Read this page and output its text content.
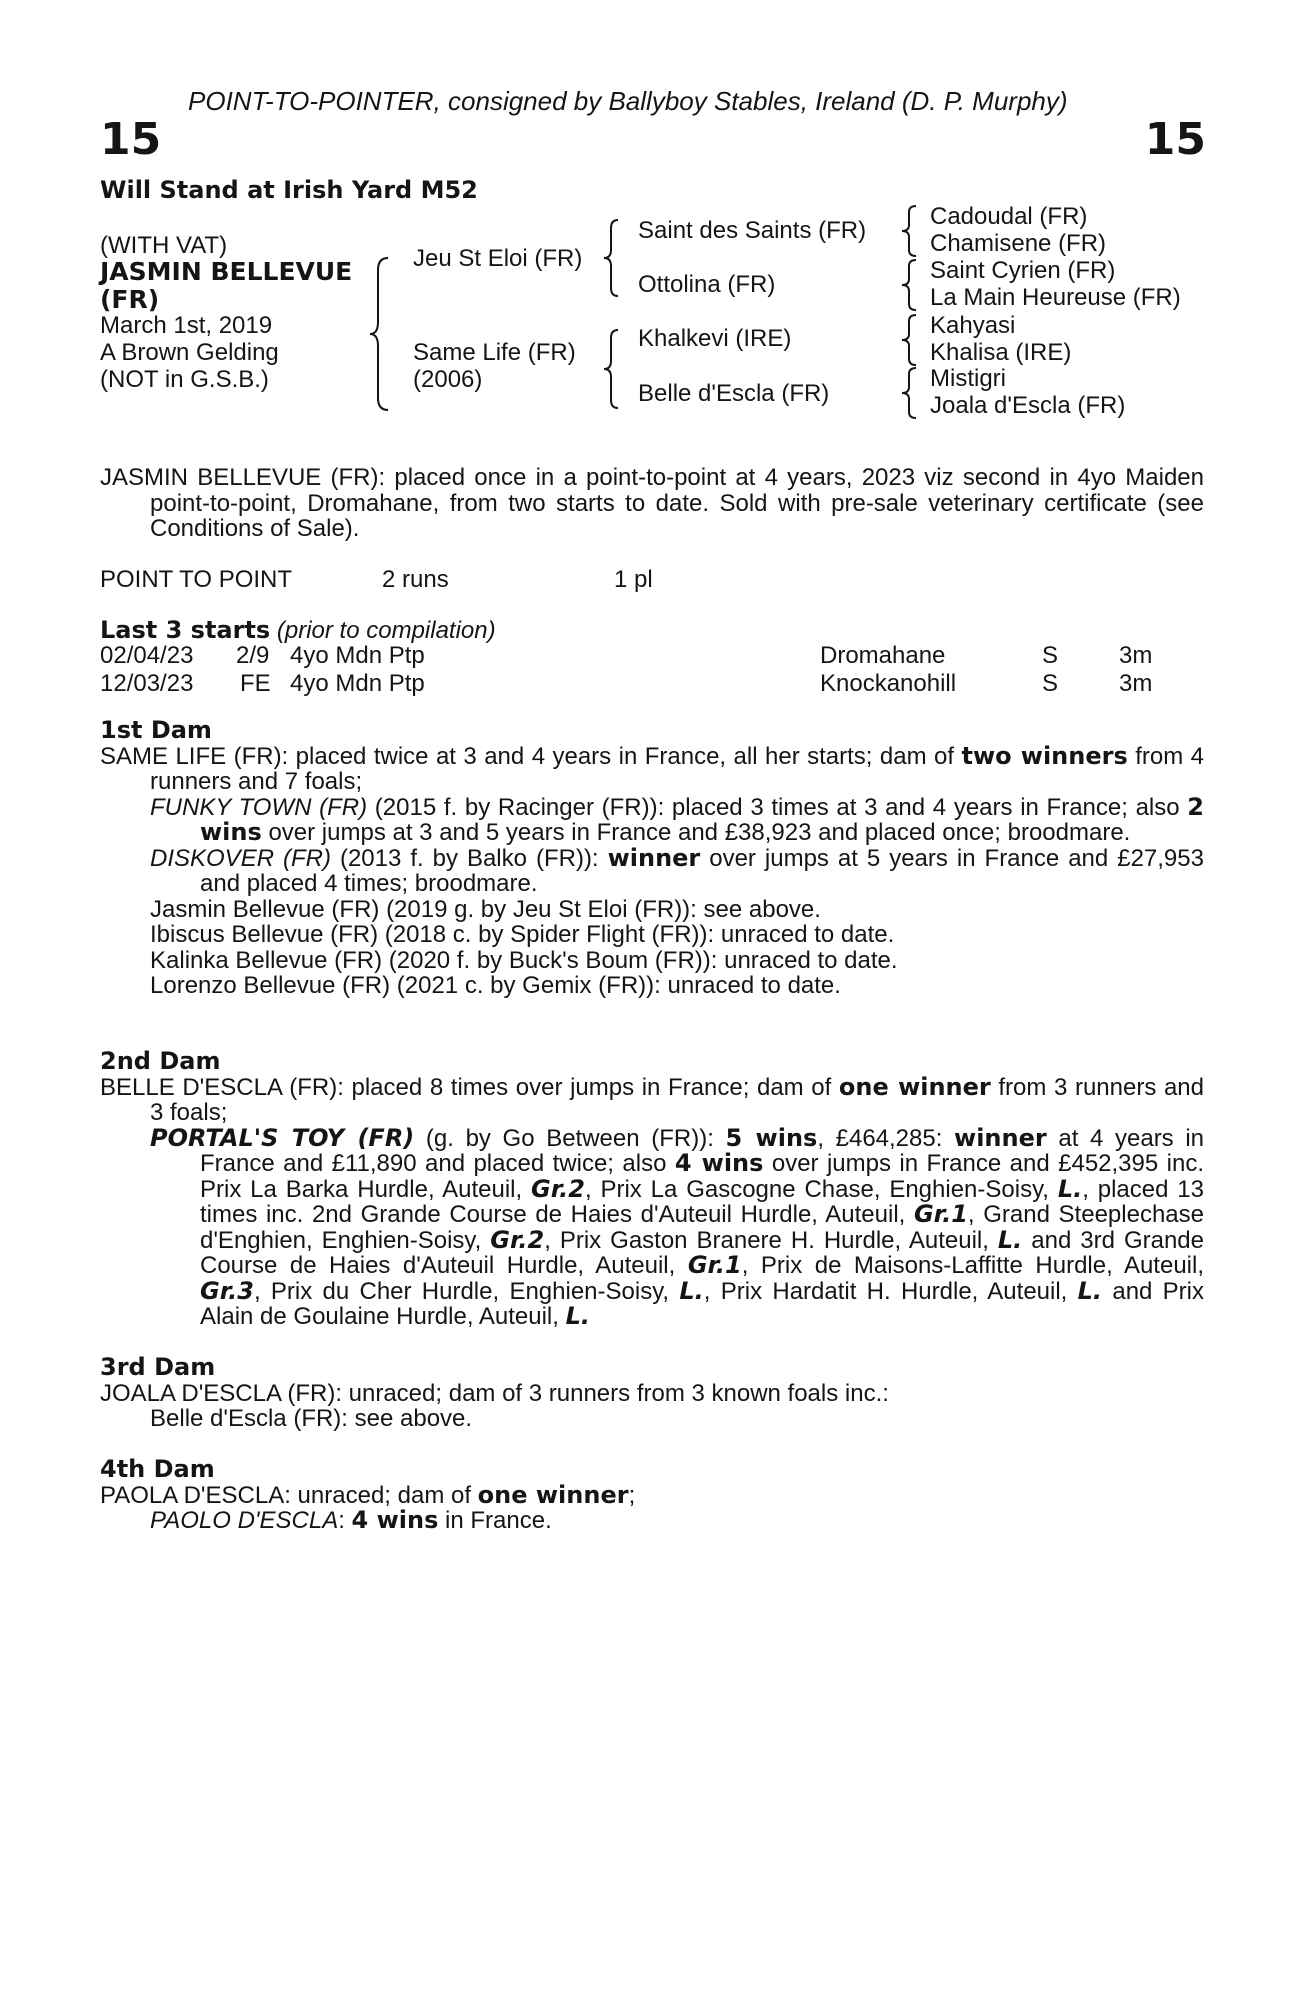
POINT-TO-POINTER, consigned by Ballyboy Stables, Ireland (D. P. Murphy)
15	15
Will Stand at Irish Yard M52
(WITH VAT)
JASMIN BELLEVUE
(FR)
March 1st, 2019
A Brown Gelding
(NOT in G.S.B.)
Jeu St Eloi (FR)
Same Life (FR)
(2006)
Saint des Saints (FR)
Ottolina (FR)
Khalkevi (IRE)
Belle d'Escla (FR)
Cadoudal (FR)
Chamisene (FR)
Saint Cyrien (FR)
La Main Heureuse (FR)
Kahyasi
Khalisa (IRE)
Mistigri
Joala d'Escla (FR)

JASMIN BELLEVUE (FR): placed once in a point-to-point at 4 years, 2023 viz second in 4yo Maiden point-to-point, Dromahane, from two starts to date. Sold with pre-sale veterinary certificate (see Conditions of Sale).

POINT TO POINT	2 runs	1 pl
Last 3 starts (prior to compilation)
02/04/23	2/9	4yo Mdn Ptp	Dromahane	S	3m
12/03/23	FE	4yo Mdn Ptp	Knockanohill	S	3m

1st Dam

SAME LIFE (FR): placed twice at 3 and 4 years in France, all her starts; dam of two winners from 4 runners and 7 foals;

FUNKY TOWN (FR) (2015 f. by Racinger (FR)): placed 3 times at 3 and 4 years in France; also 2 wins over jumps at 3 and 5 years in France and £38,923 and placed once; broodmare.

DISKOVER (FR) (2013 f. by Balko (FR)): winner over jumps at 5 years in France and £27,953 and placed 4 times; broodmare.

Jasmin Bellevue (FR) (2019 g. by Jeu St Eloi (FR)): see above.

Ibiscus Bellevue (FR) (2018 c. by Spider Flight (FR)): unraced to date.

Kalinka Bellevue (FR) (2020 f. by Buck's Boum (FR)): unraced to date.

Lorenzo Bellevue (FR) (2021 c. by Gemix (FR)): unraced to date.

2nd Dam

BELLE D'ESCLA (FR): placed 8 times over jumps in France; dam of one winner from 3 runners and 3 foals;

PORTAL'S TOY (FR) (g. by Go Between (FR)): 5 wins, £464,285: winner at 4 years in France and £11,890 and placed twice; also 4 wins over jumps in France and £452,395 inc. Prix La Barka Hurdle, Auteuil, Gr.2, Prix La Gascogne Chase, Enghien-Soisy, L., placed 13 times inc. 2nd Grande Course de Haies d'Auteuil Hurdle, Auteuil, Gr.1, Grand Steeplechase d'Enghien, Enghien-Soisy, Gr.2, Prix Gaston Branere H. Hurdle, Auteuil, L. and 3rd Grande Course de Haies d'Auteuil Hurdle, Auteuil, Gr.1, Prix de Maisons-Laffitte Hurdle, Auteuil, Gr.3, Prix du Cher Hurdle, Enghien-Soisy, L., Prix Hardatit H. Hurdle, Auteuil, L. and Prix Alain de Goulaine Hurdle, Auteuil, L.

3rd Dam

JOALA D'ESCLA (FR): unraced; dam of 3 runners from 3 known foals inc.:

Belle d'Escla (FR): see above.

4th Dam

PAOLA D'ESCLA: unraced; dam of one winner;

PAOLO D'ESCLA: 4 wins in France.
